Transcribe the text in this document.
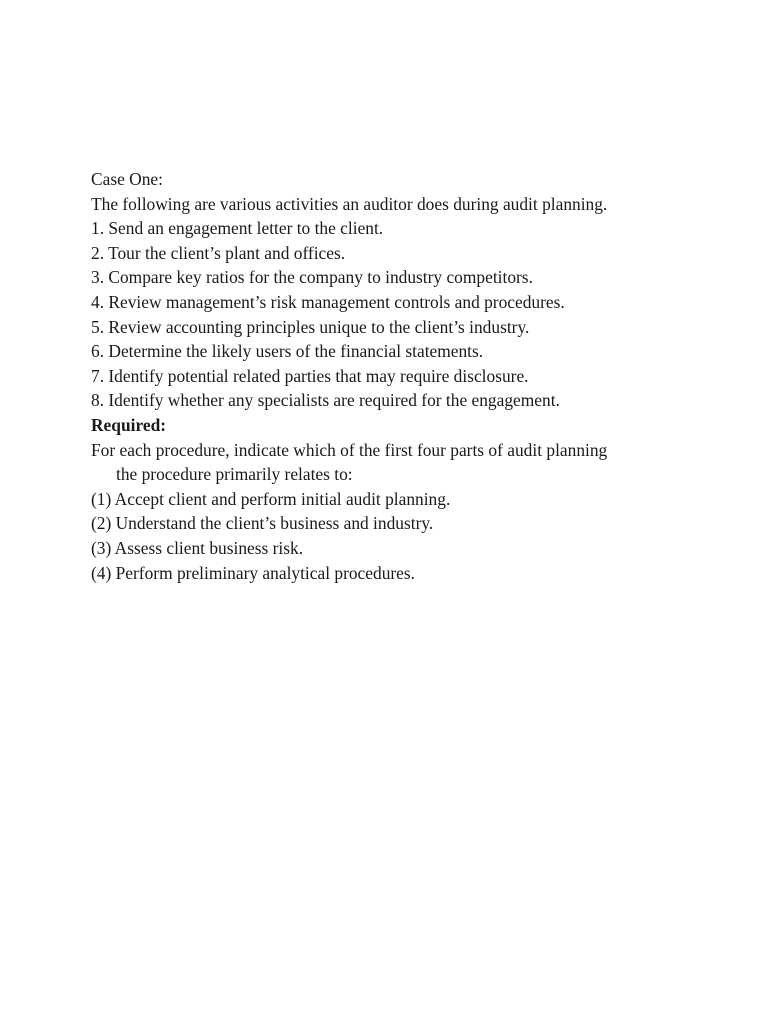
Case One:
The following are various activities an auditor does during audit planning.
1. Send an engagement letter to the client.
2. Tour the client’s plant and offices.
3. Compare key ratios for the company to industry competitors.
4. Review management’s risk management controls and procedures.
5. Review accounting principles unique to the client’s industry.
6. Determine the likely users of the financial statements.
7. Identify potential related parties that may require disclosure.
8. Identify whether any specialists are required for the engagement.
Required:
For each procedure, indicate which of the first four parts of audit planning
the procedure primarily relates to:
(1) Accept client and perform initial audit planning.
(2) Understand the client’s business and industry.
(3) Assess client business risk.
(4) Perform preliminary analytical procedures.
